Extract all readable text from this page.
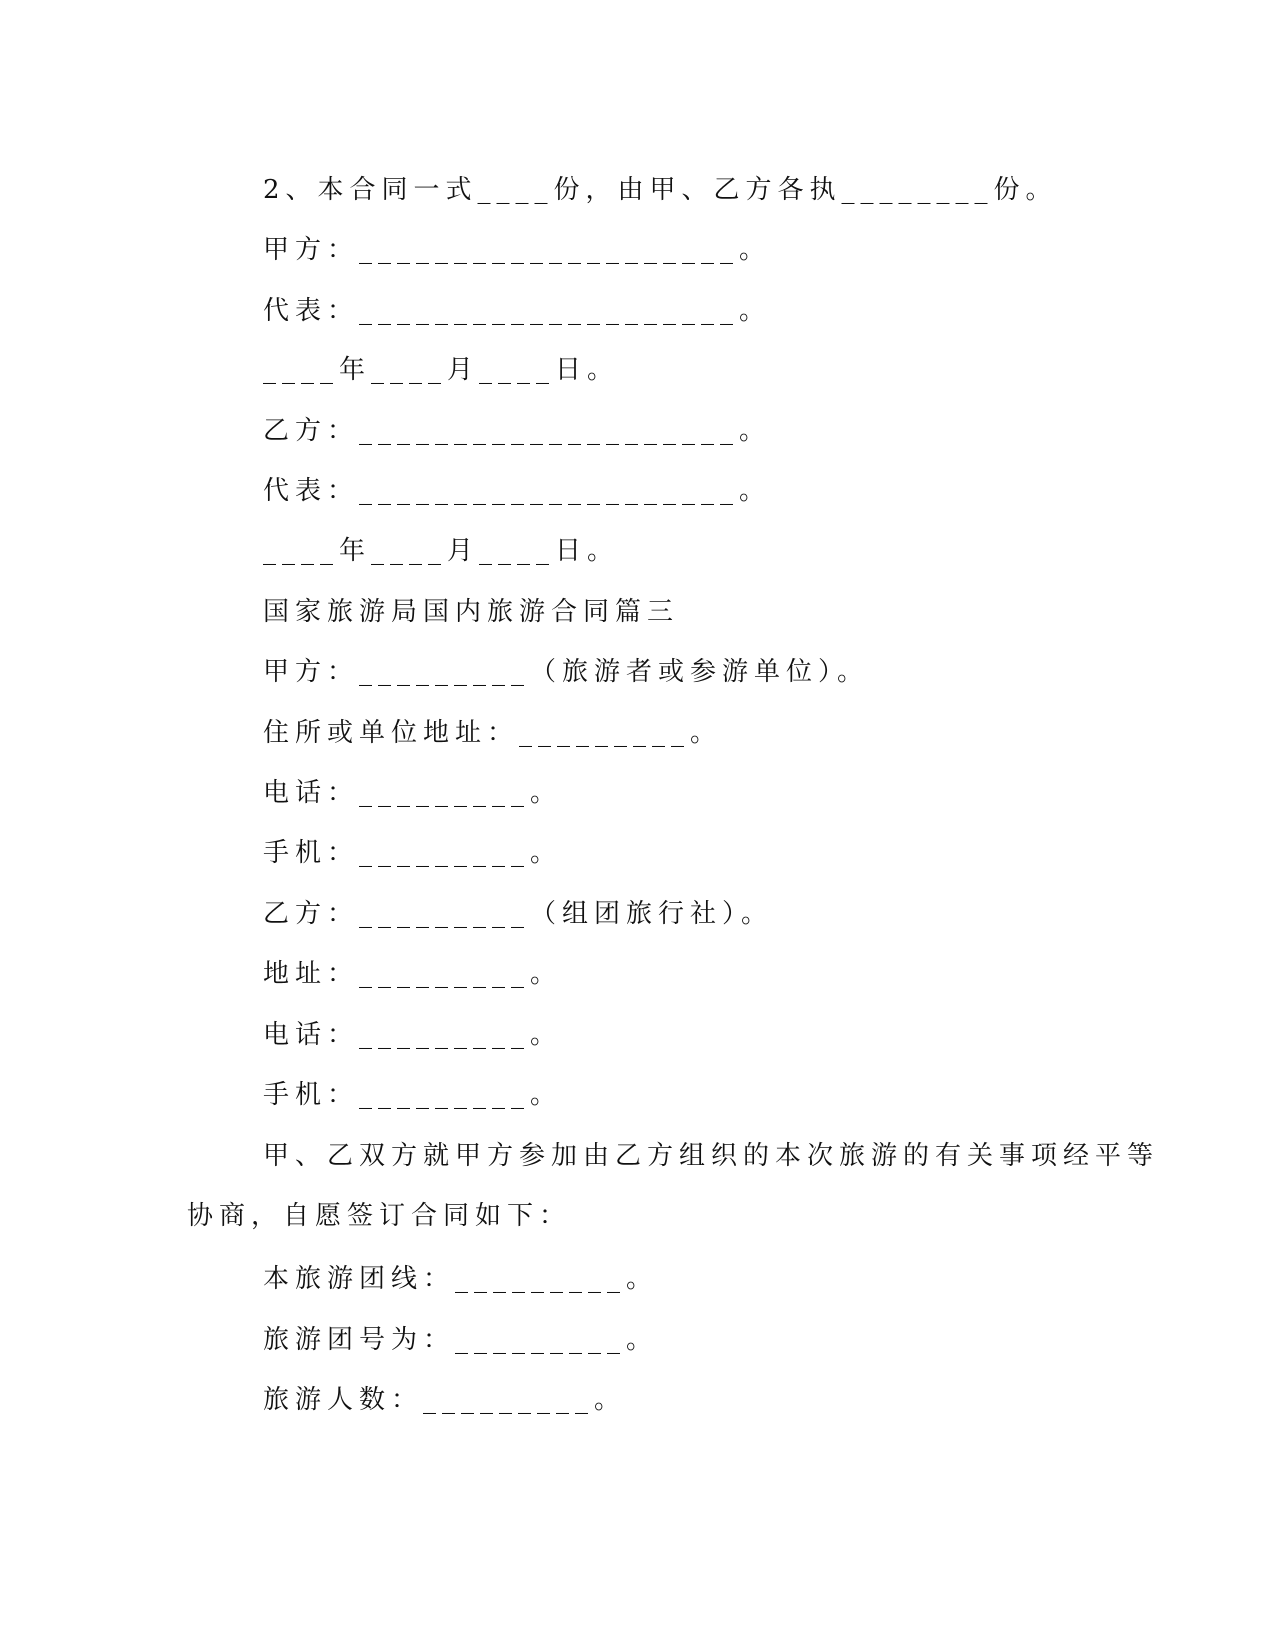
2、本合同一式____份，由甲、乙方各执________份。
甲方：____________________。
代表：____________________。
____年____月____日。
乙方：____________________。
代表：____________________。
____年____月____日。
国家旅游局国内旅游合同篇三
甲方：_________（旅游者或参游单位）。
住所或单位地址：_________。
电话：_________。
手机：_________。
乙方：_________（组团旅行社）。
地址：_________。
电话：_________。
手机：_________。
甲、乙双方就甲方参加由乙方组织的本次旅游的有关事项经平等
协商，自愿签订合同如下：
本旅游团线：_________。
旅游团号为：_________。
旅游人数：_________。
